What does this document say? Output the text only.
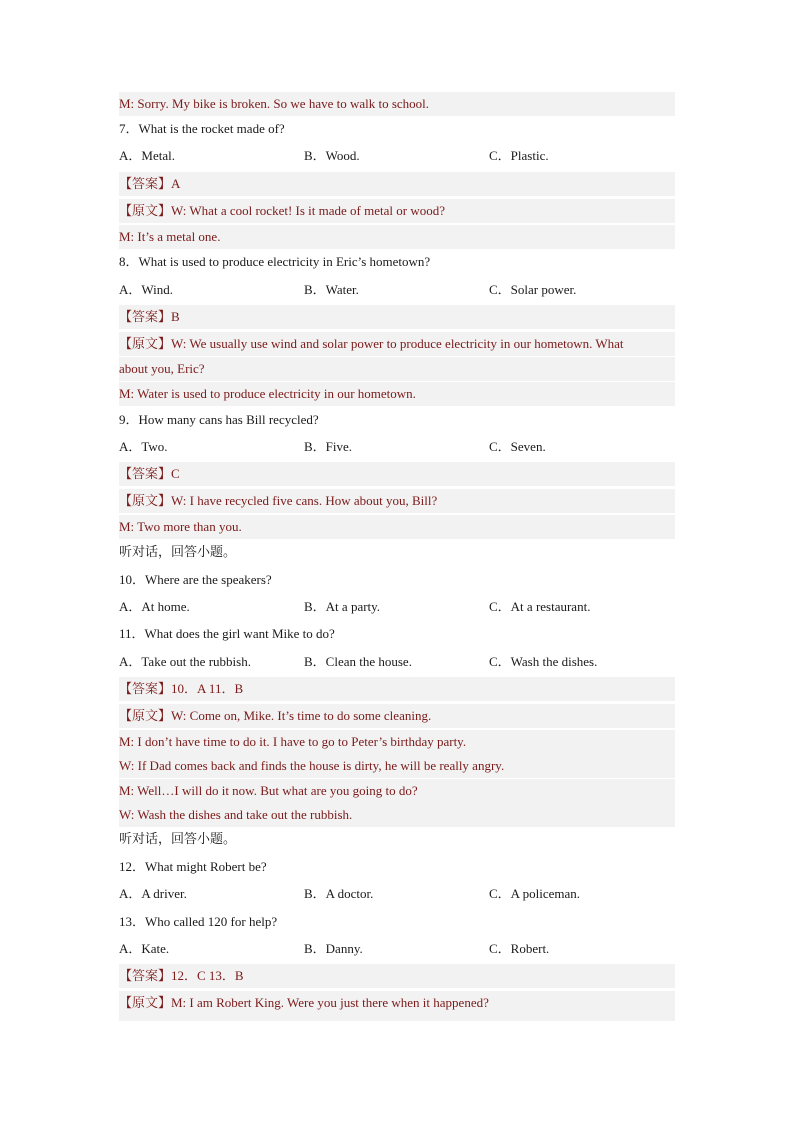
M: Sorry. My bike is broken. So we have to walk to school.
7．What is the rocket made of?
A．Metal.	B．Wood.	C．Plastic.
【答案】A
【原文】W: What a cool rocket! Is it made of metal or wood?
M: It’s a metal one.
8．What is used to produce electricity in Eric’s hometown?
A．Wind.	B．Water.	C．Solar power.
【答案】B
【原文】W: We usually use wind and solar power to produce electricity in our hometown. What
about you, Eric?
M: Water is used to produce electricity in our hometown.
9．How many cans has Bill recycled?
A．Two.	B．Five.	C．Seven.
【答案】C
【原文】W: I have recycled five cans. How about you, Bill?
M: Two more than you.
听对话，回答小题。
10．Where are the speakers?
A．At home.	B．At a party.	C．At a restaurant.
11．What does the girl want Mike to do?
A．Take out the rubbish.	B．Clean the house.	C．Wash the dishes.
【答案】10．A 11．B
【原文】W: Come on, Mike. It’s time to do some cleaning.
M: I don’t have time to do it. I have to go to Peter’s birthday party.
W: If Dad comes back and finds the house is dirty, he will be really angry.
M: Well…I will do it now. But what are you going to do?
W: Wash the dishes and take out the rubbish.
听对话，回答小题。
12．What might Robert be?
A．A driver.	B．A doctor.	C．A policeman.
13．Who called 120 for help?
A．Kate.	B．Danny.	C．Robert.
【答案】12．C 13．B
【原文】M: I am Robert King. Were you just there when it happened?
